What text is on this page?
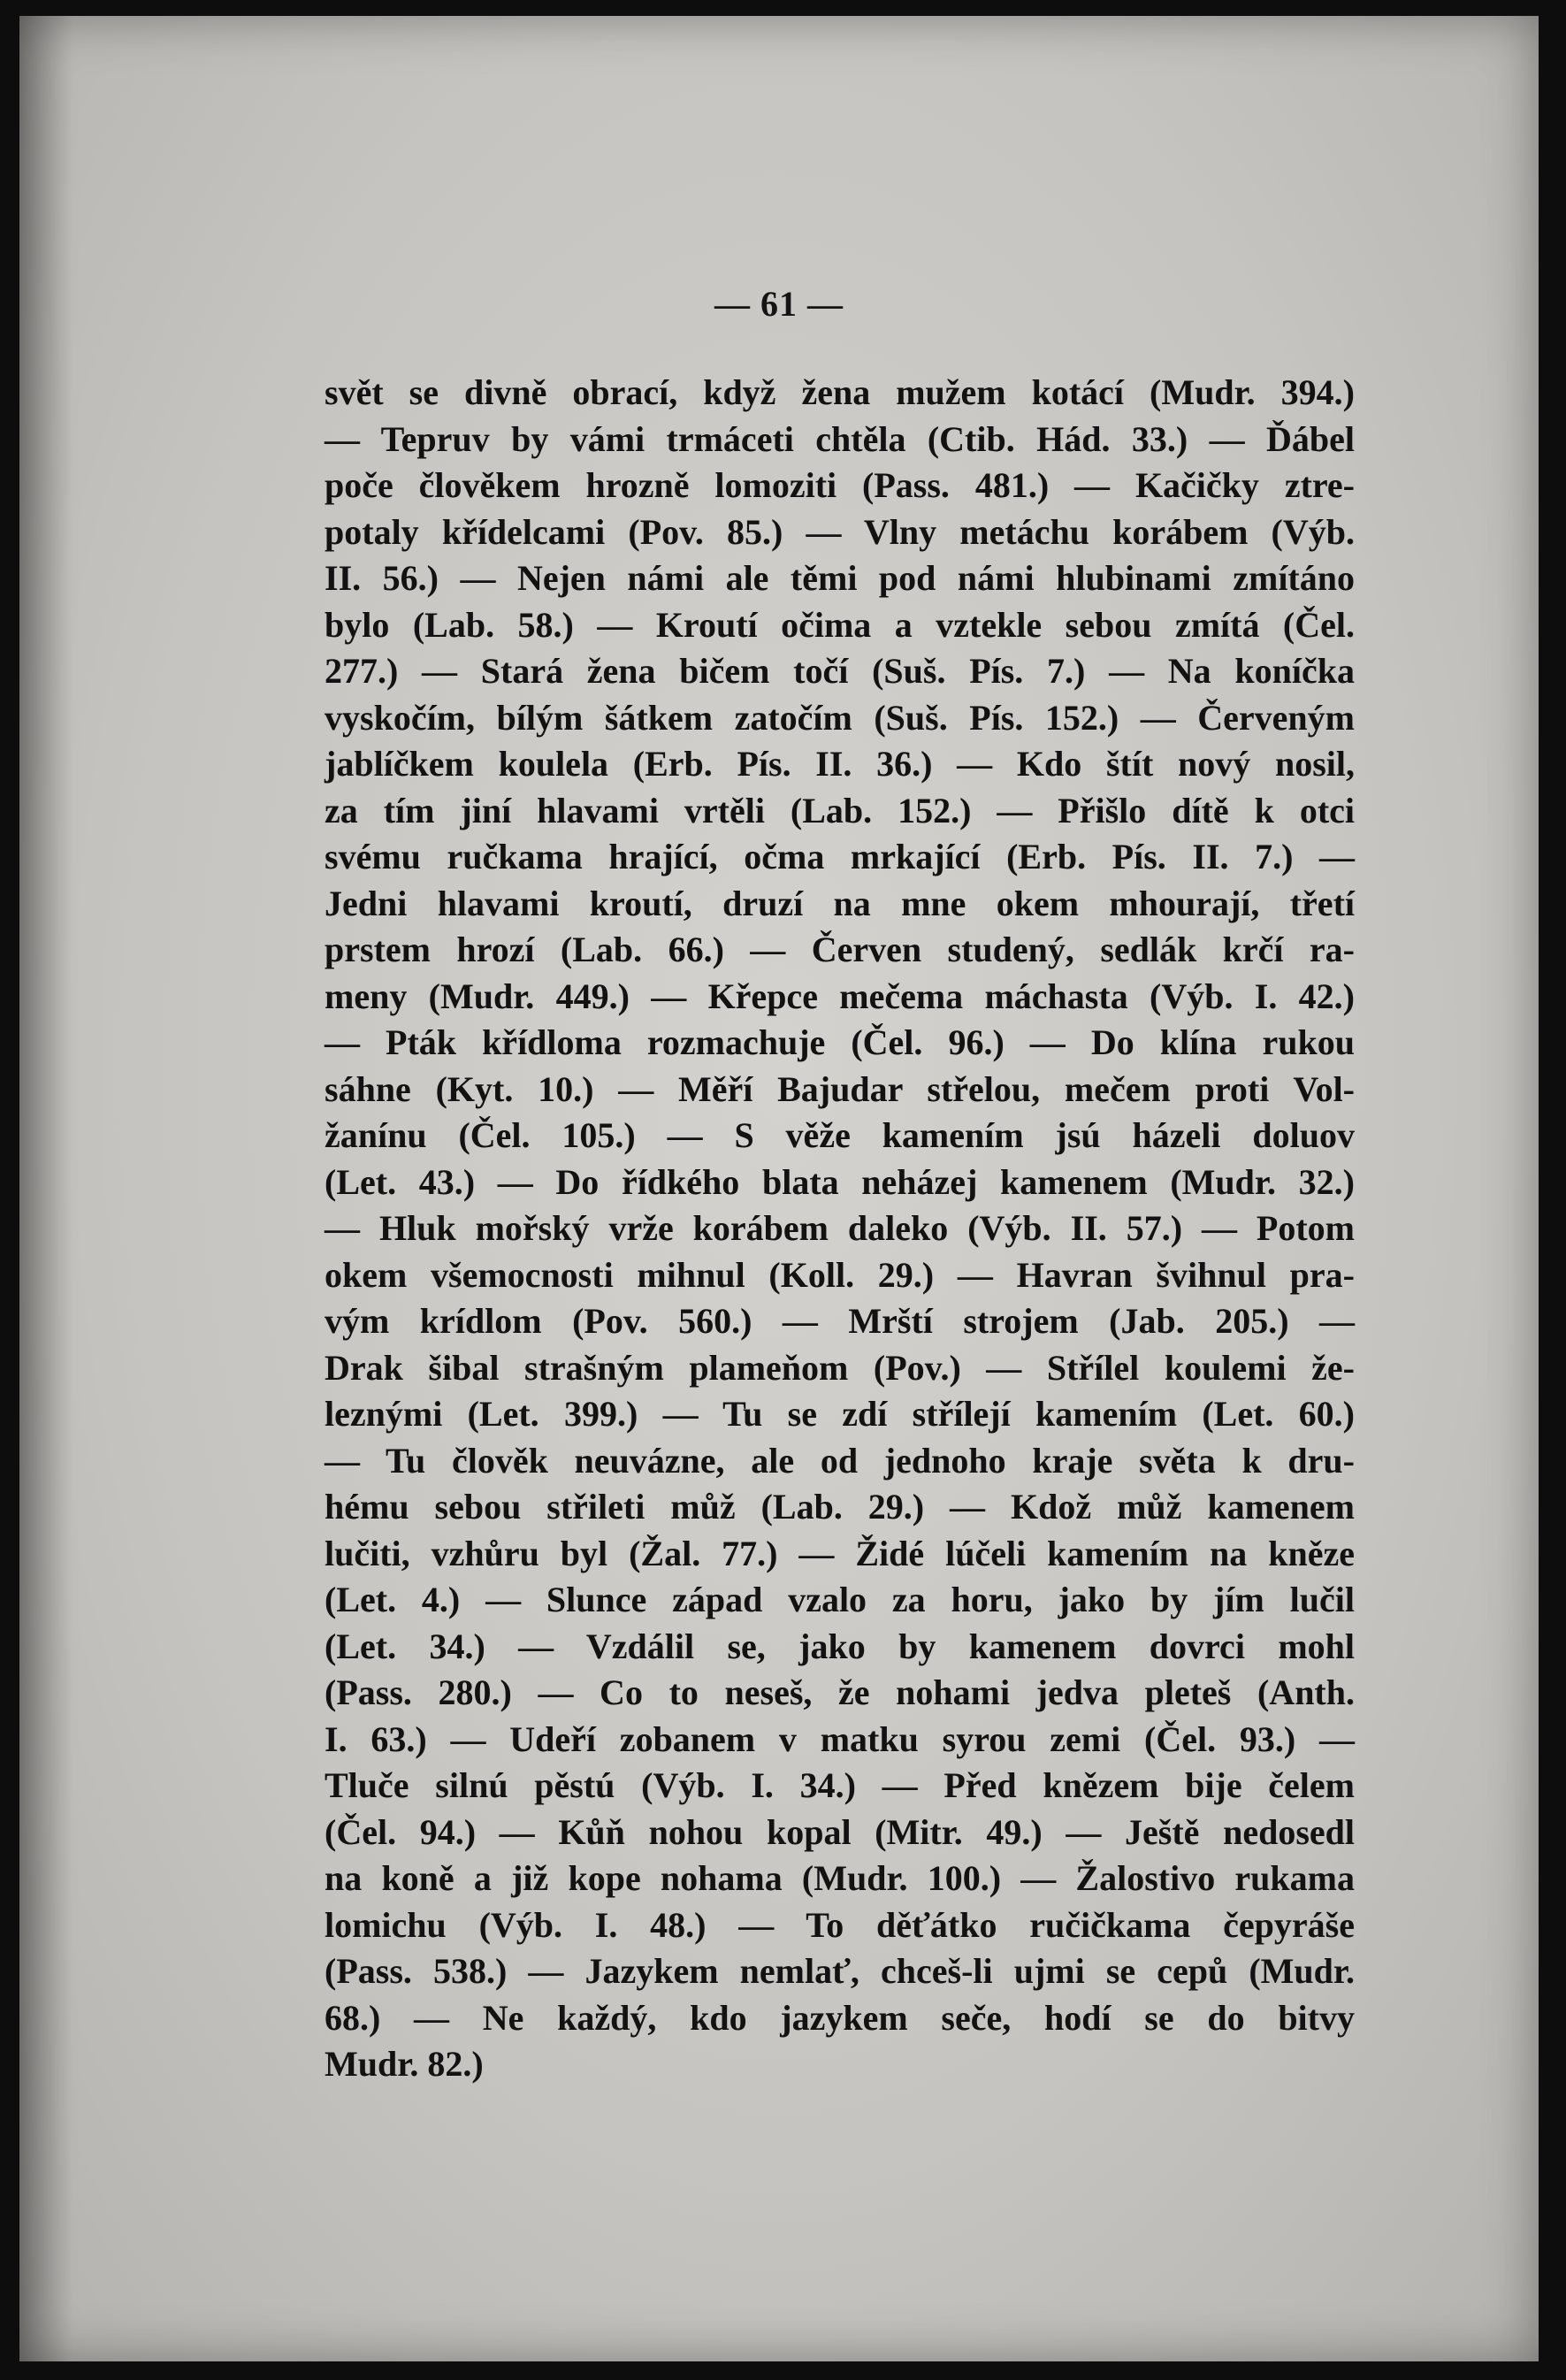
— 61 —
svět se divně obrací, když žena mužem kotácí (Mudr. 394.)
— Tepruv by vámi trmáceti chtěla (Ctib. Hád. 33.) — Ďábel
poče člověkem hrozně lomoziti (Pass. 481.) — Kačičky ztre-
potaly křídelcami (Pov. 85.) — Vlny metáchu korábem (Výb.
II. 56.) — Nejen námi ale těmi pod námi hlubinami zmítáno
bylo (Lab. 58.) — Kroutí očima a vztekle sebou zmítá (Čel.
277.) — Stará žena bičem točí (Suš. Pís. 7.) — Na koníčka
vyskočím, bílým šátkem zatočím (Suš. Pís. 152.) — Červeným
jablíčkem koulela (Erb. Pís. II. 36.) — Kdo štít nový nosil,
za tím jiní hlavami vrtěli (Lab. 152.) — Přišlo dítě k otci
svému ručkama hrající, očma mrkající (Erb. Pís. II. 7.) —
Jedni hlavami kroutí, druzí na mne okem mhourají, třetí
prstem hrozí (Lab. 66.) — Červen studený, sedlák krčí ra-
meny (Mudr. 449.) — Křepce mečema máchasta (Výb. I. 42.)
— Pták křídloma rozmachuje (Čel. 96.) — Do klína rukou
sáhne (Kyt. 10.) — Měří Bajudar střelou, mečem proti Vol-
žanínu (Čel. 105.) — S věže kamením jsú házeli doluov
(Let. 43.) — Do řídkého blata neházej kamenem (Mudr. 32.)
— Hluk mořský vrže korábem daleko (Výb. II. 57.) — Potom
okem všemocnosti mihnul (Koll. 29.) — Havran švihnul pra-
vým krídlom (Pov. 560.) — Mrští strojem (Jab. 205.) —
Drak šibal strašným plameňom (Pov.) — Střílel koulemi že-
leznými (Let. 399.) — Tu se zdí střílejí kamením (Let. 60.)
— Tu člověk neuvázne, ale od jednoho kraje světa k dru-
hému sebou střileti můž (Lab. 29.) — Kdož můž kamenem
lučiti, vzhůru byl (Žal. 77.) — Židé lúčeli kamením na kněze
(Let. 4.) — Slunce západ vzalo za horu, jako by jím lučil
(Let. 34.) — Vzdálil se, jako by kamenem dovrci mohl
(Pass. 280.) — Co to neseš, že nohami jedva pleteš (Anth.
I. 63.) — Udeří zobanem v matku syrou zemi (Čel. 93.) —
Tluče silnú pěstú (Výb. I. 34.) — Před knězem bije čelem
(Čel. 94.) — Kůň nohou kopal (Mitr. 49.) — Ještě nedosedl
na koně a již kope nohama (Mudr. 100.) — Žalostivo rukama
lomichu (Výb. I. 48.) — To děťátko ručičkama čepyráše
(Pass. 538.) — Jazykem nemlať, chceš-li ujmi se cepů (Mudr.
68.) — Ne každý, kdo jazykem seče, hodí se do bitvy
Mudr. 82.)
